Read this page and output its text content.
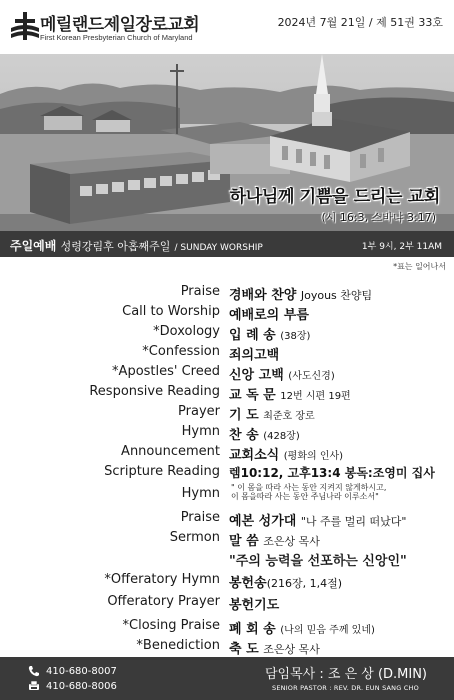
메릴랜드제일장로교회
First Korean Presbyterian Church of Maryland
2024년 7월 21일 / 제 51권 33호
하나님께 기쁨을 드리는 교회
(시 16:3, 스바냐 3:17)
주일예배 성령강림후 아홉째주일 / SUNDAY WORSHIP	1부 9시, 2부 11AM
*표는 일어나서
Praise 경배와 찬양 Joyous 찬양팀
Call to Worship 예배로의 부름
*Doxology 입 례 송 (38장)
*Confession 죄의고백
*Apostles' Creed 신앙 고백 (사도신경)
Responsive Reading 교 독 문 12번 시편 19편
Prayer 기 도 최준호 장로
Hymn 찬 송 (428장)
Announcement 교회소식 (평화의 인사)
Scripture Reading 렘10:12, 고후13:4 봉독:조영미 집사
Hymn " 이 몸을 따라 사는 동안 지켜지 않게하시고,
이 몸을따라 사는 동안 주님나라 이루소서"
Praise 예본 성가대 "나 주를 멀리 떠났다"
Sermon 말 씀 조은상 목사
"주의 능력을 선포하는 신앙인"
*Offeratory Hymn 봉헌송(216장, 1,4절)
Offeratory Prayer 봉헌기도
*Closing Praise 폐 회 송 (나의 믿음 주께 있네)
*Benediction 축 도 조은상 목사
410-680-8007
410-680-8006
담임목사 : 조 은 상 (D.MIN)
SENIOR PASTOR : REV. DR. EUN SANG CHO
